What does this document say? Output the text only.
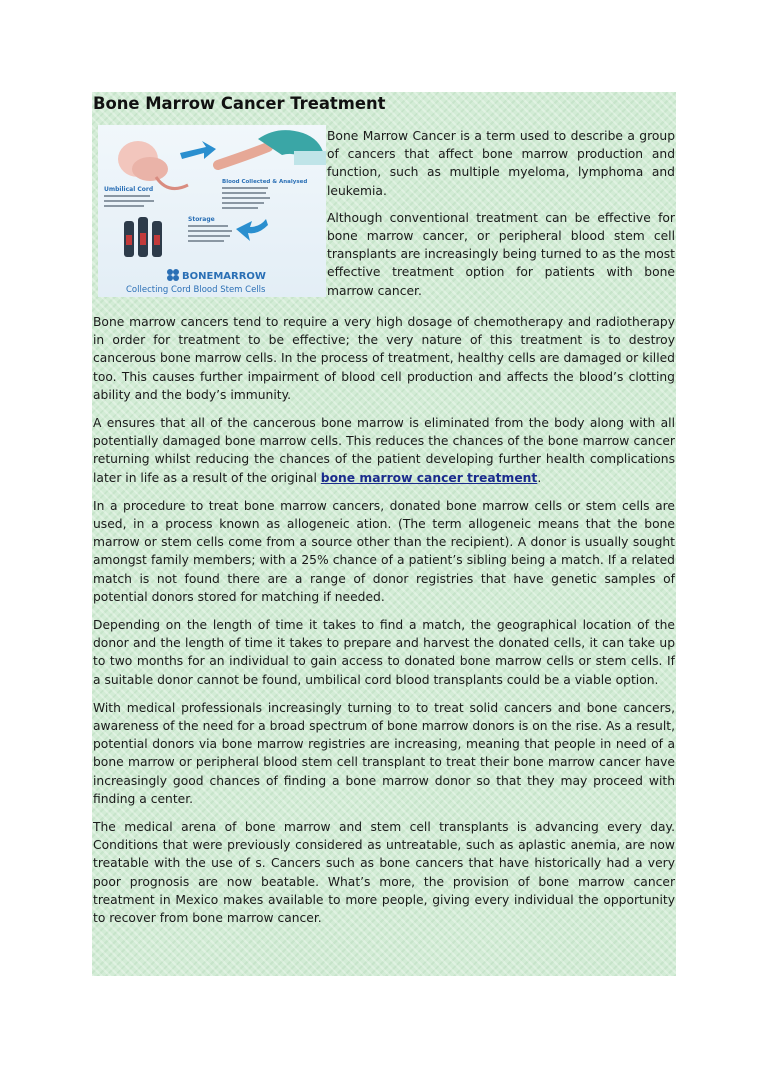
Bone Marrow Cancer Treatment
Umbilical Cord
Blood Collected & Analysed
Storage
BONEMARROW
Collecting Cord Blood Stem Cells

Bone Marrow Cancer is a term used to describe a group of cancers that affect bone marrow production and function, such as multiple myeloma, lymphoma and leukemia.

Although conventional treatment can be effective for bone marrow cancer, or peripheral blood stem cell transplants are increasingly being turned to as the most effective treatment option for patients with bone marrow cancer.

Bone marrow cancers tend to require a very high dosage of chemotherapy and radiotherapy in order for treatment to be effective; the very nature of this treatment is to destroy cancerous bone marrow cells. In the process of treatment, healthy cells are damaged or killed too. This causes further impairment of blood cell production and affects the blood’s clotting ability and the body’s immunity.

A ensures that all of the cancerous bone marrow is eliminated from the body along with all potentially damaged bone marrow cells. This reduces the chances of the bone marrow cancer returning whilst reducing the chances of the patient developing further health complications later in life as a result of the original bone marrow cancer treatment.

In a procedure to treat bone marrow cancers, donated bone marrow cells or stem cells are used, in a process known as allogeneic ation. (The term allogeneic means that the bone marrow or stem cells come from a source other than the recipient). A donor is usually sought amongst family members; with a 25% chance of a patient’s sibling being a match. If a related match is not found there are a range of donor registries that have genetic samples of potential donors stored for matching if needed.

Depending on the length of time it takes to find a match, the geographical location of the donor and the length of time it takes to prepare and harvest the donated cells, it can take up to two months for an individual to gain access to donated bone marrow cells or stem cells. If a suitable donor cannot be found, umbilical cord blood transplants could be a viable option.

With medical professionals increasingly turning to to treat solid cancers and bone cancers, awareness of the need for a broad spectrum of bone marrow donors is on the rise. As a result, potential donors via bone marrow registries are increasing, meaning that people in need of a bone marrow or peripheral blood stem cell transplant to treat their bone marrow cancer have increasingly good chances of finding a bone marrow donor so that they may proceed with finding a center.

The medical arena of bone marrow and stem cell transplants is advancing every day. Conditions that were previously considered as untreatable, such as aplastic anemia, are now treatable with the use of s. Cancers such as bone cancers that have historically had a very poor prognosis are now beatable. What’s more, the provision of bone marrow cancer treatment in Mexico makes available to more people, giving every individual the opportunity to recover from bone marrow cancer.
